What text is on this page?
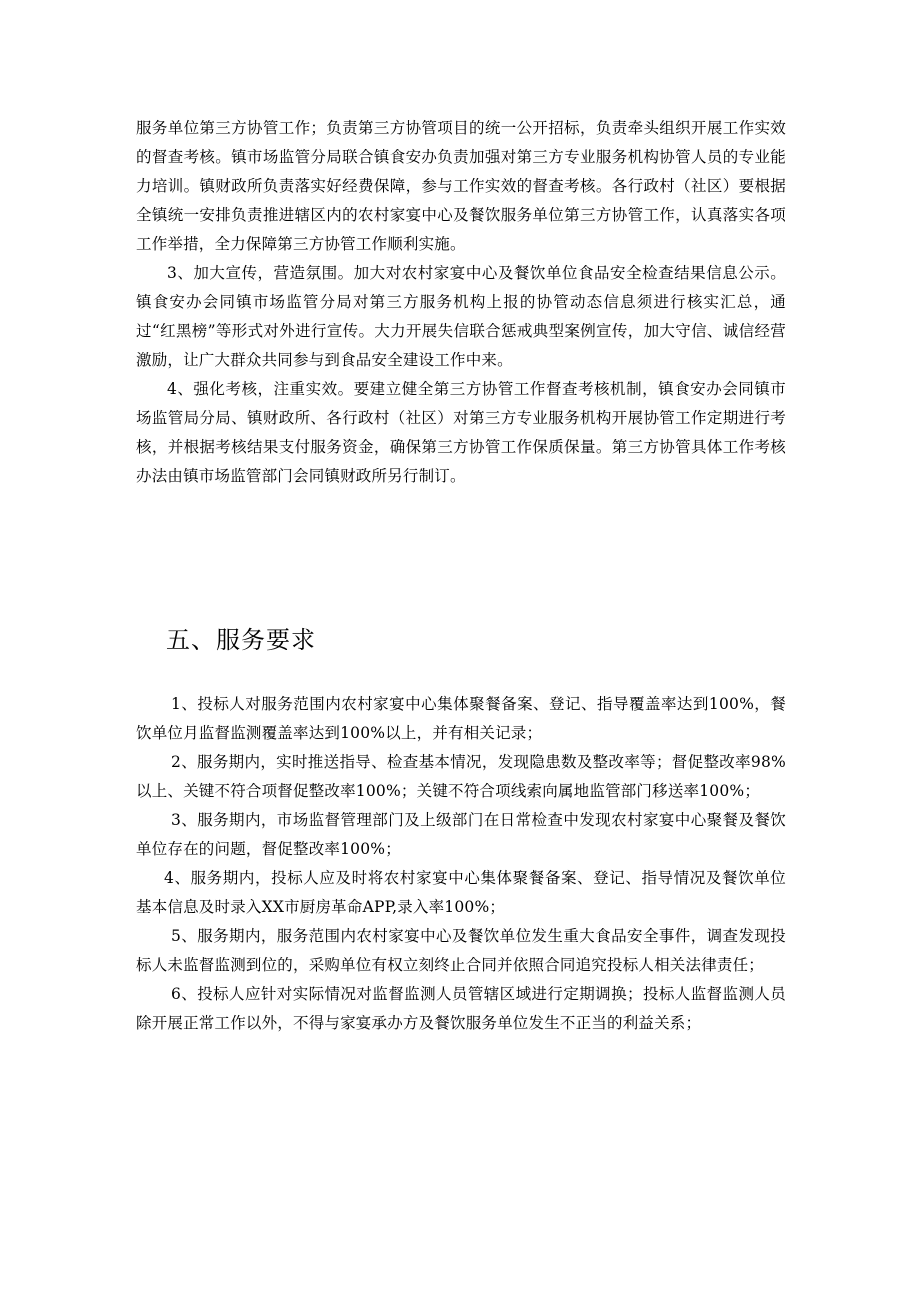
服务单位第三方协管工作；负责第三方协管项目的统一公开招标，负责牵头组织开展工作实效的督查考核。镇市场监管分局联合镇食安办负责加强对第三方专业服务机构协管人员的专业能力培训。镇财政所负责落实好经费保障，参与工作实效的督查考核。各行政村（社区）要根据全镇统一安排负责推进辖区内的农村家宴中心及餐饮服务单位第三方协管工作，认真落实各项工作举措，全力保障第三方协管工作顺利实施。

3、加大宣传，营造氛围。加大对农村家宴中心及餐饮单位食品安全检查结果信息公示。镇食安办会同镇市场监管分局对第三方服务机构上报的协管动态信息须进行核实汇总，通过“红黑榜”等形式对外进行宣传。大力开展失信联合惩戒典型案例宣传，加大守信、诚信经营激励，让广大群众共同参与到食品安全建设工作中来。

4、强化考核，注重实效。要建立健全第三方协管工作督查考核机制，镇食安办会同镇市场监管局分局、镇财政所、各行政村（社区）对第三方专业服务机构开展协管工作定期进行考核，并根据考核结果支付服务资金，确保第三方协管工作保质保量。第三方协管具体工作考核办法由镇市场监管部门会同镇财政所另行制订。

五、服务要求

1、投标人对服务范围内农村家宴中心集体聚餐备案、登记、指导覆盖率达到100%，餐饮单位月监督监测覆盖率达到100%以上，并有相关记录；

2、服务期内，实时推送指导、检查基本情况，发现隐患数及整改率等；督促整改率98%以上、关键不符合项督促整改率100%；关键不符合项线索向属地监管部门移送率100%；

3、服务期内，市场监督管理部门及上级部门在日常检查中发现农村家宴中心聚餐及餐饮单位存在的问题，督促整改率100%；

4、服务期内，投标人应及时将农村家宴中心集体聚餐备案、登记、指导情况及餐饮单位基本信息及时录入XX市厨房革命APP,录入率100%；

5、服务期内，服务范围内农村家宴中心及餐饮单位发生重大食品安全事件，调查发现投标人未监督监测到位的，采购单位有权立刻终止合同并依照合同追究投标人相关法律责任；

6、投标人应针对实际情况对监督监测人员管辖区域进行定期调换；投标人监督监测人员除开展正常工作以外，不得与家宴承办方及餐饮服务单位发生不正当的利益关系；
